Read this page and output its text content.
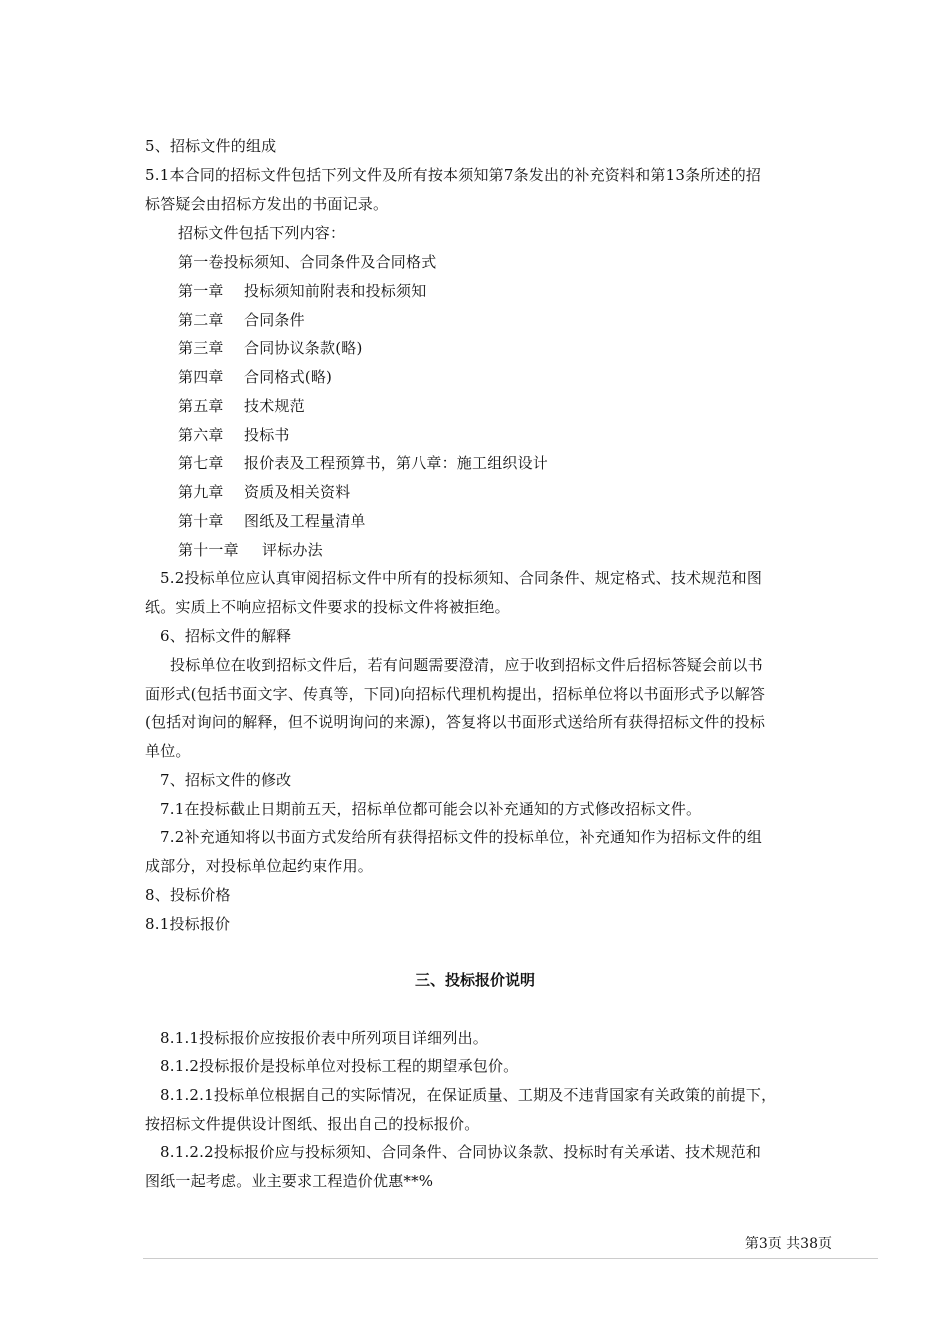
5、招标文件的组成
5.1本合同的招标文件包括下列文件及所有按本须知第7条发出的补充资料和第13条所述的招
标答疑会由招标方发出的书面记录。
招标文件包括下列内容：
第一卷投标须知、合同条件及合同格式
第一章 投标须知前附表和投标须知
第二章 合同条件
第三章 合同协议条款(略)
第四章 合同格式(略)
第五章 技术规范
第六章 投标书
第七章 报价表及工程预算书，第八章：施工组织设计
第九章 资质及相关资料
第十章 图纸及工程量清单
第十一章 评标办法
5.2投标单位应认真审阅招标文件中所有的投标须知、合同条件、规定格式、技术规范和图
纸。实质上不响应招标文件要求的投标文件将被拒绝。
6、招标文件的解释
投标单位在收到招标文件后，若有问题需要澄清，应于收到招标文件后招标答疑会前以书
面形式(包括书面文字、传真等，下同)向招标代理机构提出，招标单位将以书面形式予以解答
(包括对询问的解释，但不说明询问的来源)，答复将以书面形式送给所有获得招标文件的投标
单位。
7、招标文件的修改
7.1在投标截止日期前五天，招标单位都可能会以补充通知的方式修改招标文件。
7.2补充通知将以书面方式发给所有获得招标文件的投标单位，补充通知作为招标文件的组
成部分，对投标单位起约束作用。
8、投标价格
8.1投标报价
三、投标报价说明
8.1.1投标报价应按报价表中所列项目详细列出。
8.1.2投标报价是投标单位对投标工程的期望承包价。
8.1.2.1投标单位根据自己的实际情况，在保证质量、工期及不违背国家有关政策的前提下，
按招标文件提供设计图纸、报出自己的投标报价。
8.1.2.2投标报价应与投标须知、合同条件、合同协议条款、投标时有关承诺、技术规范和
图纸一起考虑。业主要求工程造价优惠**%
第3页 共38页
